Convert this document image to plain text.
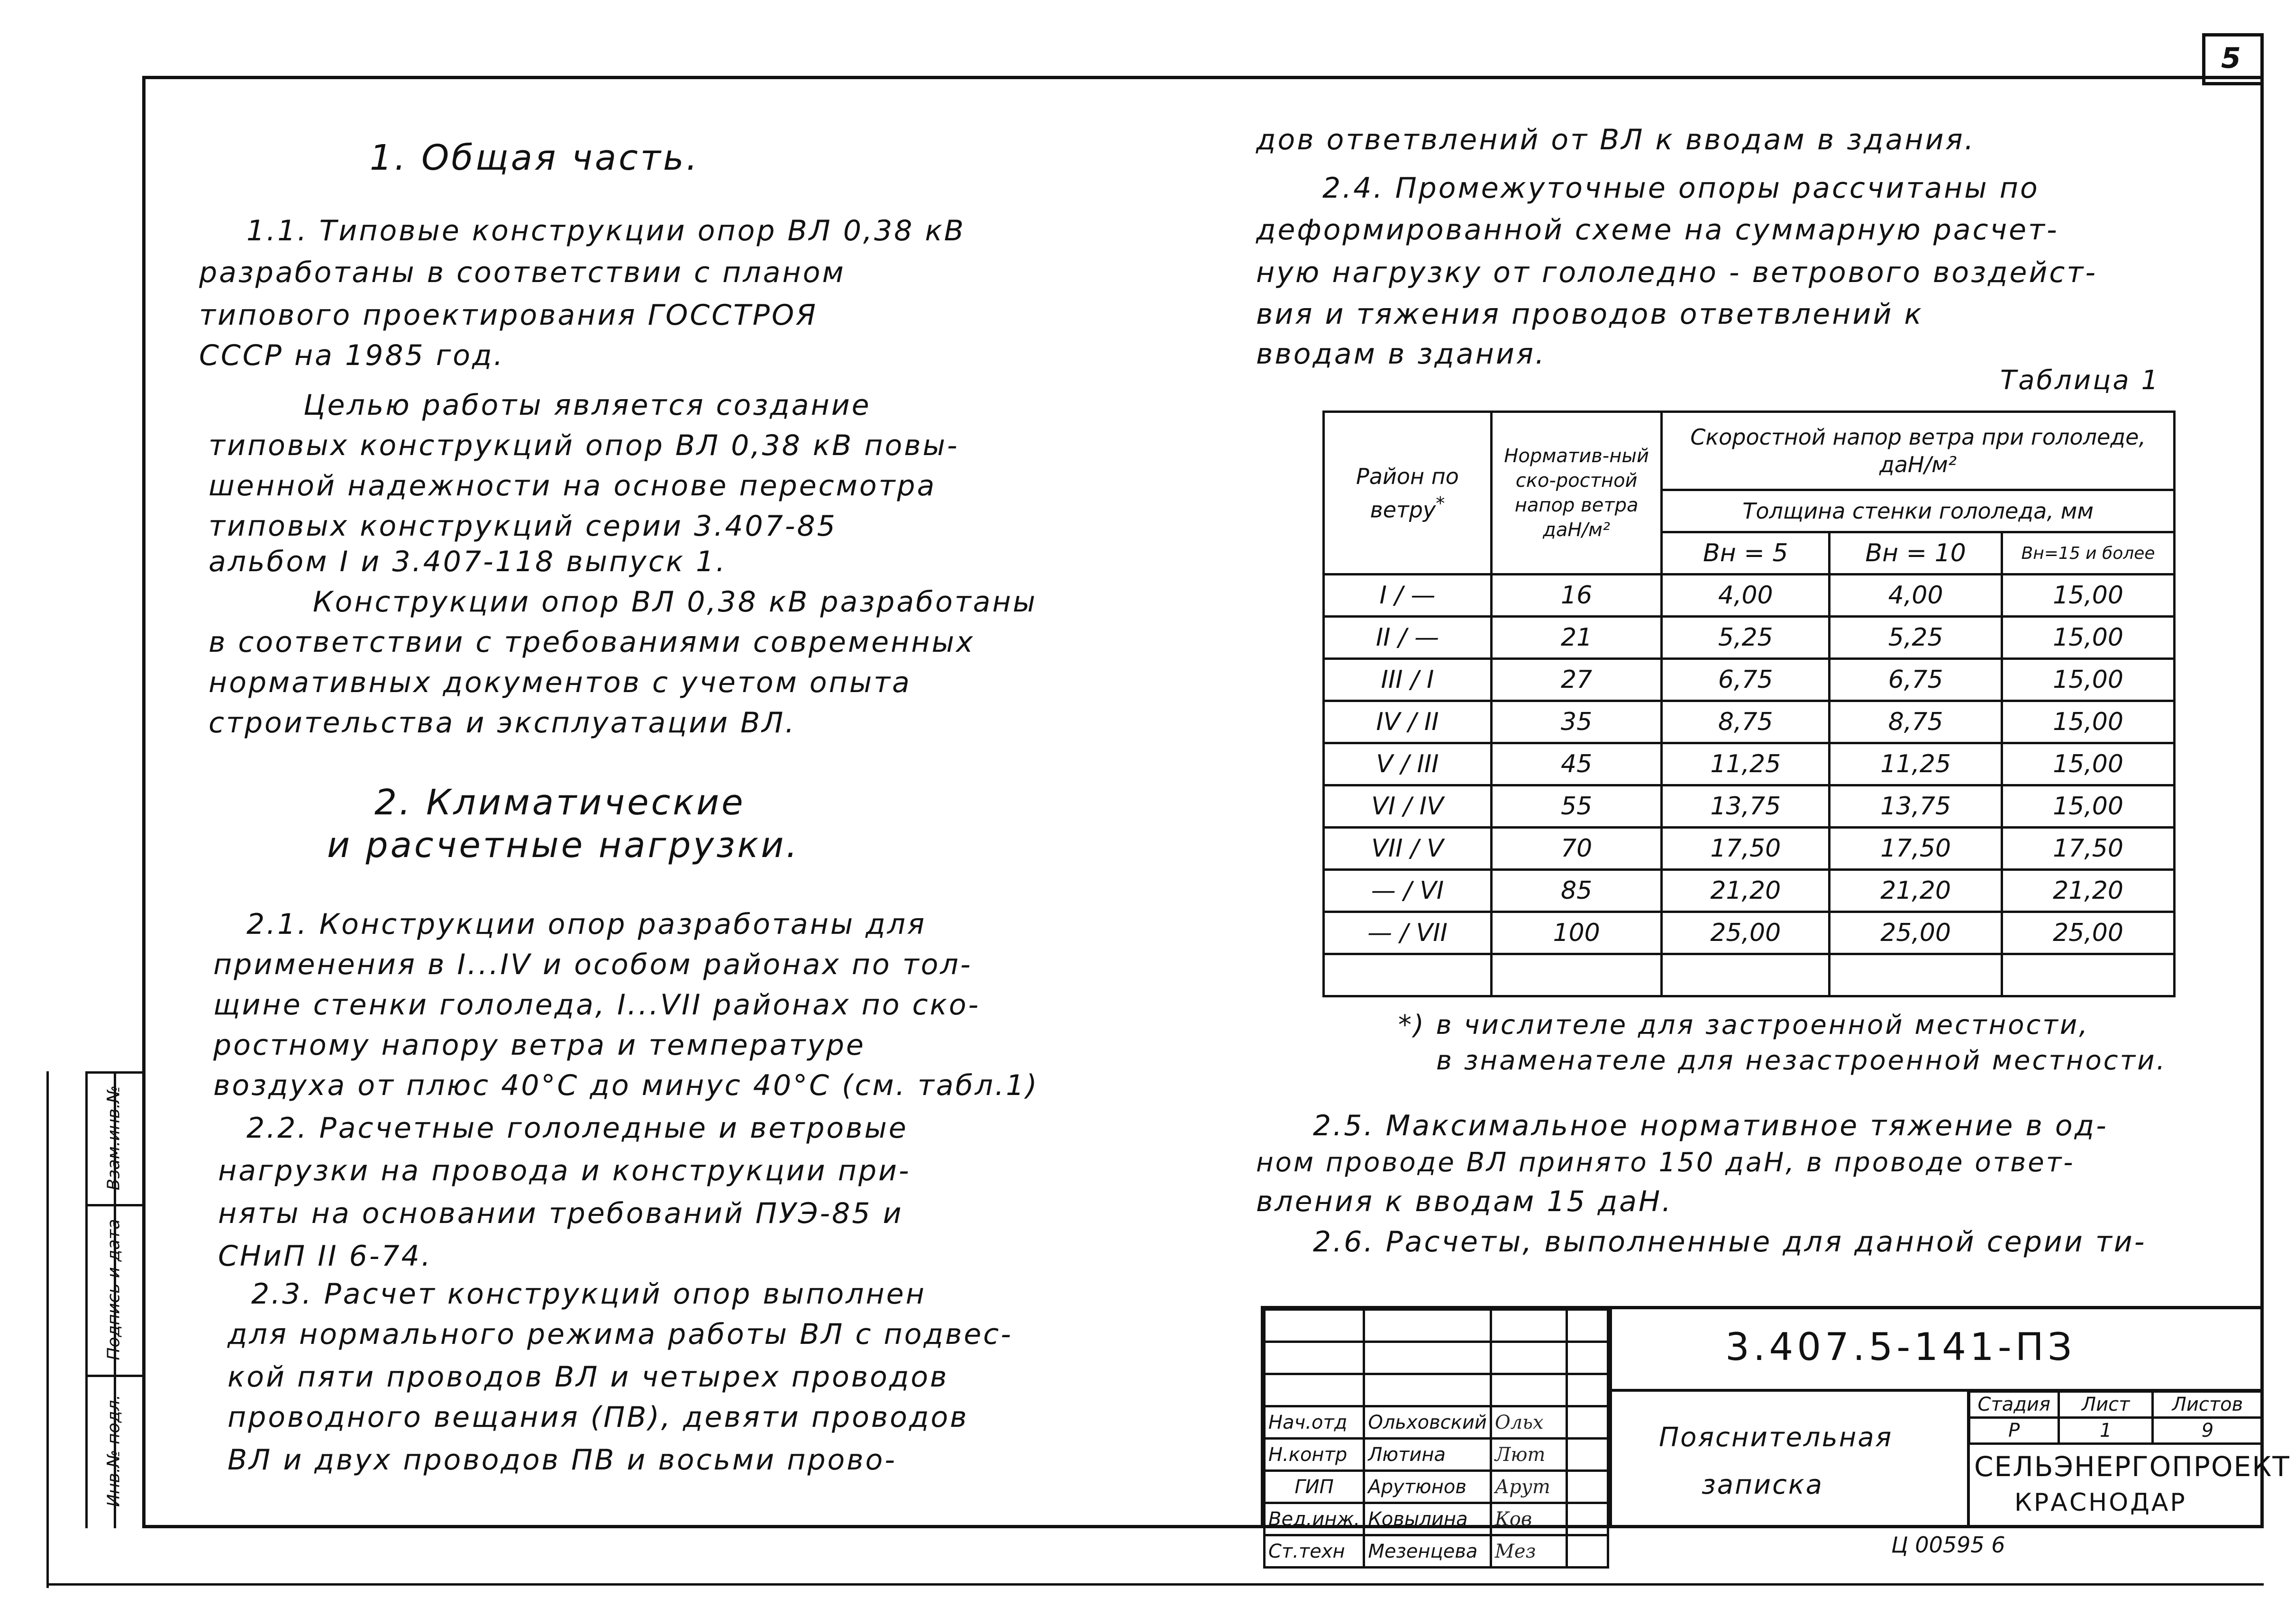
5
Взам.инв.№
Подпись и дата
Инв.№ подл.
1. Общая часть.
1.1. Типовые конструкции опор ВЛ 0,38 кВ
разработаны в соответствии с планом
типового проектирования ГОССТРОЯ
СССР на 1985 год.
Целью работы является создание
типовых конструкций опор ВЛ 0,38 кВ повы-
шенной надежности на основе пересмотра
типовых конструкций серии 3.407-85
альбом I и 3.407-118 выпуск 1.
Конструкции опор ВЛ 0,38 кВ разработаны
в соответствии с требованиями современных
нормативных документов с учетом опыта
строительства и эксплуатации ВЛ.
2. Климатические
и расчетные нагрузки.
2.1. Конструкции опор разработаны для
применения в I...IV и особом районах по тол-
щине стенки гололеда, I...VII районах по ско-
ростному напору ветра и температуре
воздуха от плюс 40°С до минус 40°С (см. табл.1)
2.2. Расчетные гололедные и ветровые
нагрузки на провода и конструкции при-
няты на основании требований ПУЭ-85 и
СНиП II 6-74.
2.3. Расчет конструкций опор выполнен
для нормального режима работы ВЛ с подвес-
кой пяти проводов ВЛ и четырех проводов
проводного вещания (ПВ), девяти проводов
ВЛ и двух проводов ПВ и восьми прово-
дов ответвлений от ВЛ к вводам в здания.
2.4. Промежуточные опоры рассчитаны по
деформированной схеме на суммарную расчет-
ную нагрузку от гололедно - ветрового воздейст-
вия и тяжения проводов ответвлений к
вводам в здания.
Таблица 1
Район по ветру*	Норматив-ный ско-ростной напор ветра даН/м²	Скоростной напор ветра при гололеде, даН/м²		
		Толщина стенки гололеда, мм		
		Вн = 5	Вн = 10	Вн=15 и более
I / —	16	4,00	4,00	15,00
II / —	21	5,25	5,25	15,00
III / I	27	6,75	6,75	15,00
IV / II	35	8,75	8,75	15,00
V / III	45	11,25	11,25	15,00
VI / IV	55	13,75	13,75	15,00
VII / V	70	17,50	17,50	17,50
— / VI	85	21,20	21,20	21,20
— / VII	100	25,00	25,00	25,00

*) в числителе для застроенной местности,
в знаменателе для незастроенной местности.
2.5. Максимальное нормативное тяжение в од-
ном проводе ВЛ принято 150 даН, в проводе ответ-
вления к вводам 15 даН.
2.6. Расчеты, выполненные для данной серии ти-

Нач.отд	Ольховский	Ольх	
Н.контр	Лютина	Лют	
ГИП	Арутюнов	Арут	
Вед.инж.	Ковылина	Ков	
Ст.техн	Мезенцева	Мез	
3.407.5-141-ПЗ
Пояснительная
записка
Стадия	Лист	Листов
Р	1	9
СЕЛЬЭНЕРГОПРОЕКТ
КРАСНОДАР
Ц 00595 6
